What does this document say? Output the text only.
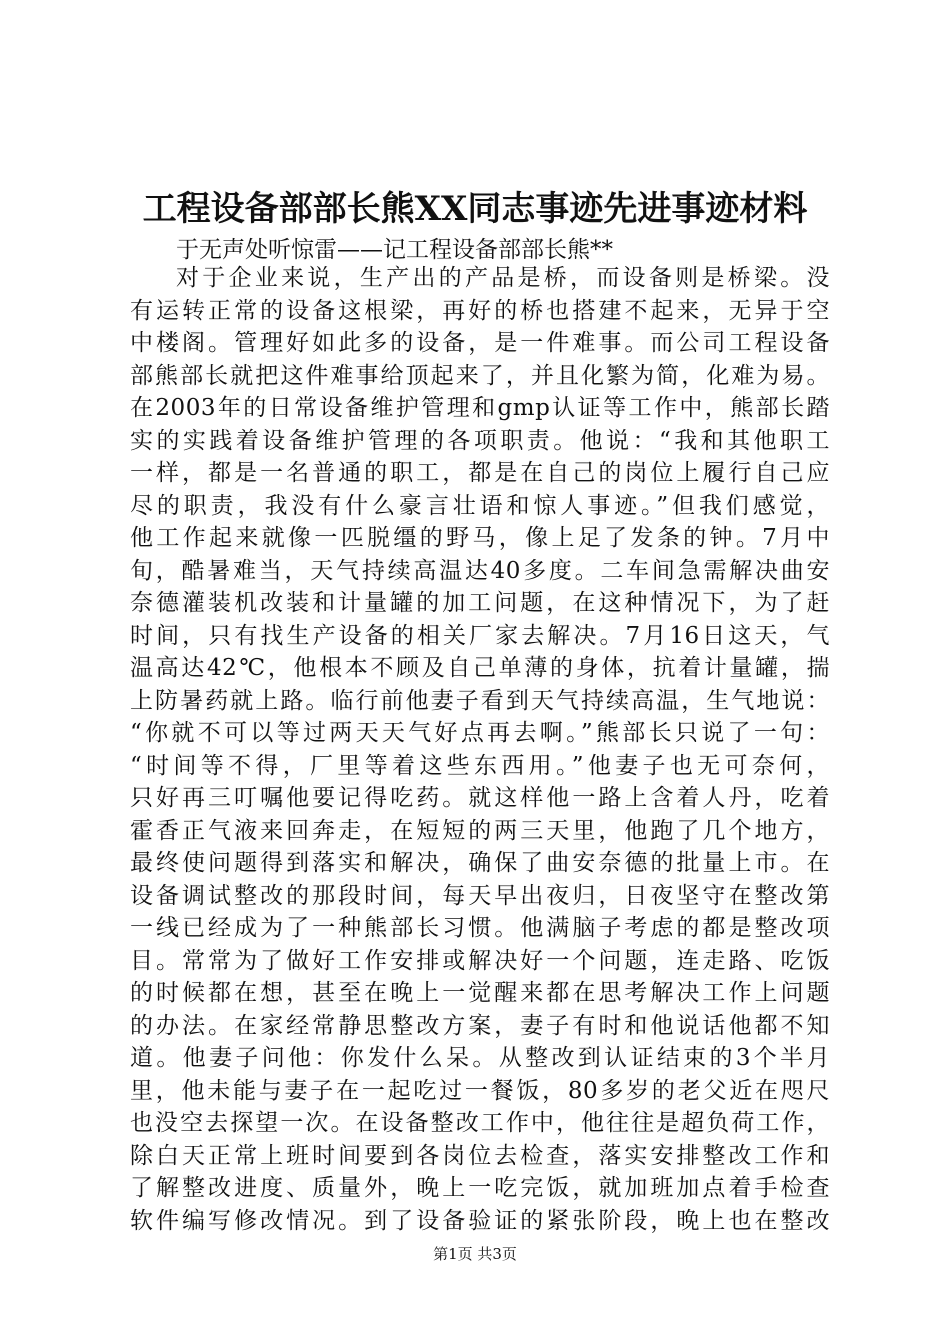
工程设备部部长熊XX同志事迹先进事迹材料
于无声处听惊雷——记工程设备部部长熊**
对于企业来说，生产出的产品是桥，而设备则是桥梁。没
有运转正常的设备这根梁，再好的桥也搭建不起来，无异于空
中楼阁。管理好如此多的设备，是一件难事。而公司工程设备
部熊部长就把这件难事给顶起来了，并且化繁为简，化难为易。
在2003年的日常设备维护管理和gmp认证等工作中，熊部长踏
实的实践着设备维护管理的各项职责。他说：“我和其他职工
一样，都是一名普通的职工，都是在自己的岗位上履行自己应
尽的职责，我没有什么豪言壮语和惊人事迹。”但我们感觉，
他工作起来就像一匹脱缰的野马，像上足了发条的钟。7月中
旬，酷暑难当，天气持续高温达40多度。二车间急需解决曲安
奈德灌装机改装和计量罐的加工问题，在这种情况下，为了赶
时间，只有找生产设备的相关厂家去解决。7月16日这天，气
温高达42℃，他根本不顾及自己单薄的身体，抗着计量罐，揣
上防暑药就上路。临行前他妻子看到天气持续高温，生气地说：
“你就不可以等过两天天气好点再去啊。”熊部长只说了一句：
“时间等不得，厂里等着这些东西用。”他妻子也无可奈何，
只好再三叮嘱他要记得吃药。就这样他一路上含着人丹，吃着
霍香正气液来回奔走，在短短的两三天里，他跑了几个地方，
最终使问题得到落实和解决，确保了曲安奈德的批量上市。在
设备调试整改的那段时间，每天早出夜归，日夜坚守在整改第
一线已经成为了一种熊部长习惯。他满脑子考虑的都是整改项
目。常常为了做好工作安排或解决好一个问题，连走路、吃饭
的时候都在想，甚至在晚上一觉醒来都在思考解决工作上问题
的办法。在家经常静思整改方案，妻子有时和他说话他都不知
道。他妻子问他：你发什么呆。从整改到认证结束的3个半月
里，他未能与妻子在一起吃过一餐饭，80多岁的老父近在咫尺
也没空去探望一次。在设备整改工作中，他往往是超负荷工作，
除白天正常上班时间要到各岗位去检查，落实安排整改工作和
了解整改进度、质量外，晚上一吃完饭，就加班加点着手检查
软件编写修改情况。到了设备验证的紧张阶段，晚上也在整改
第1页 共3页
